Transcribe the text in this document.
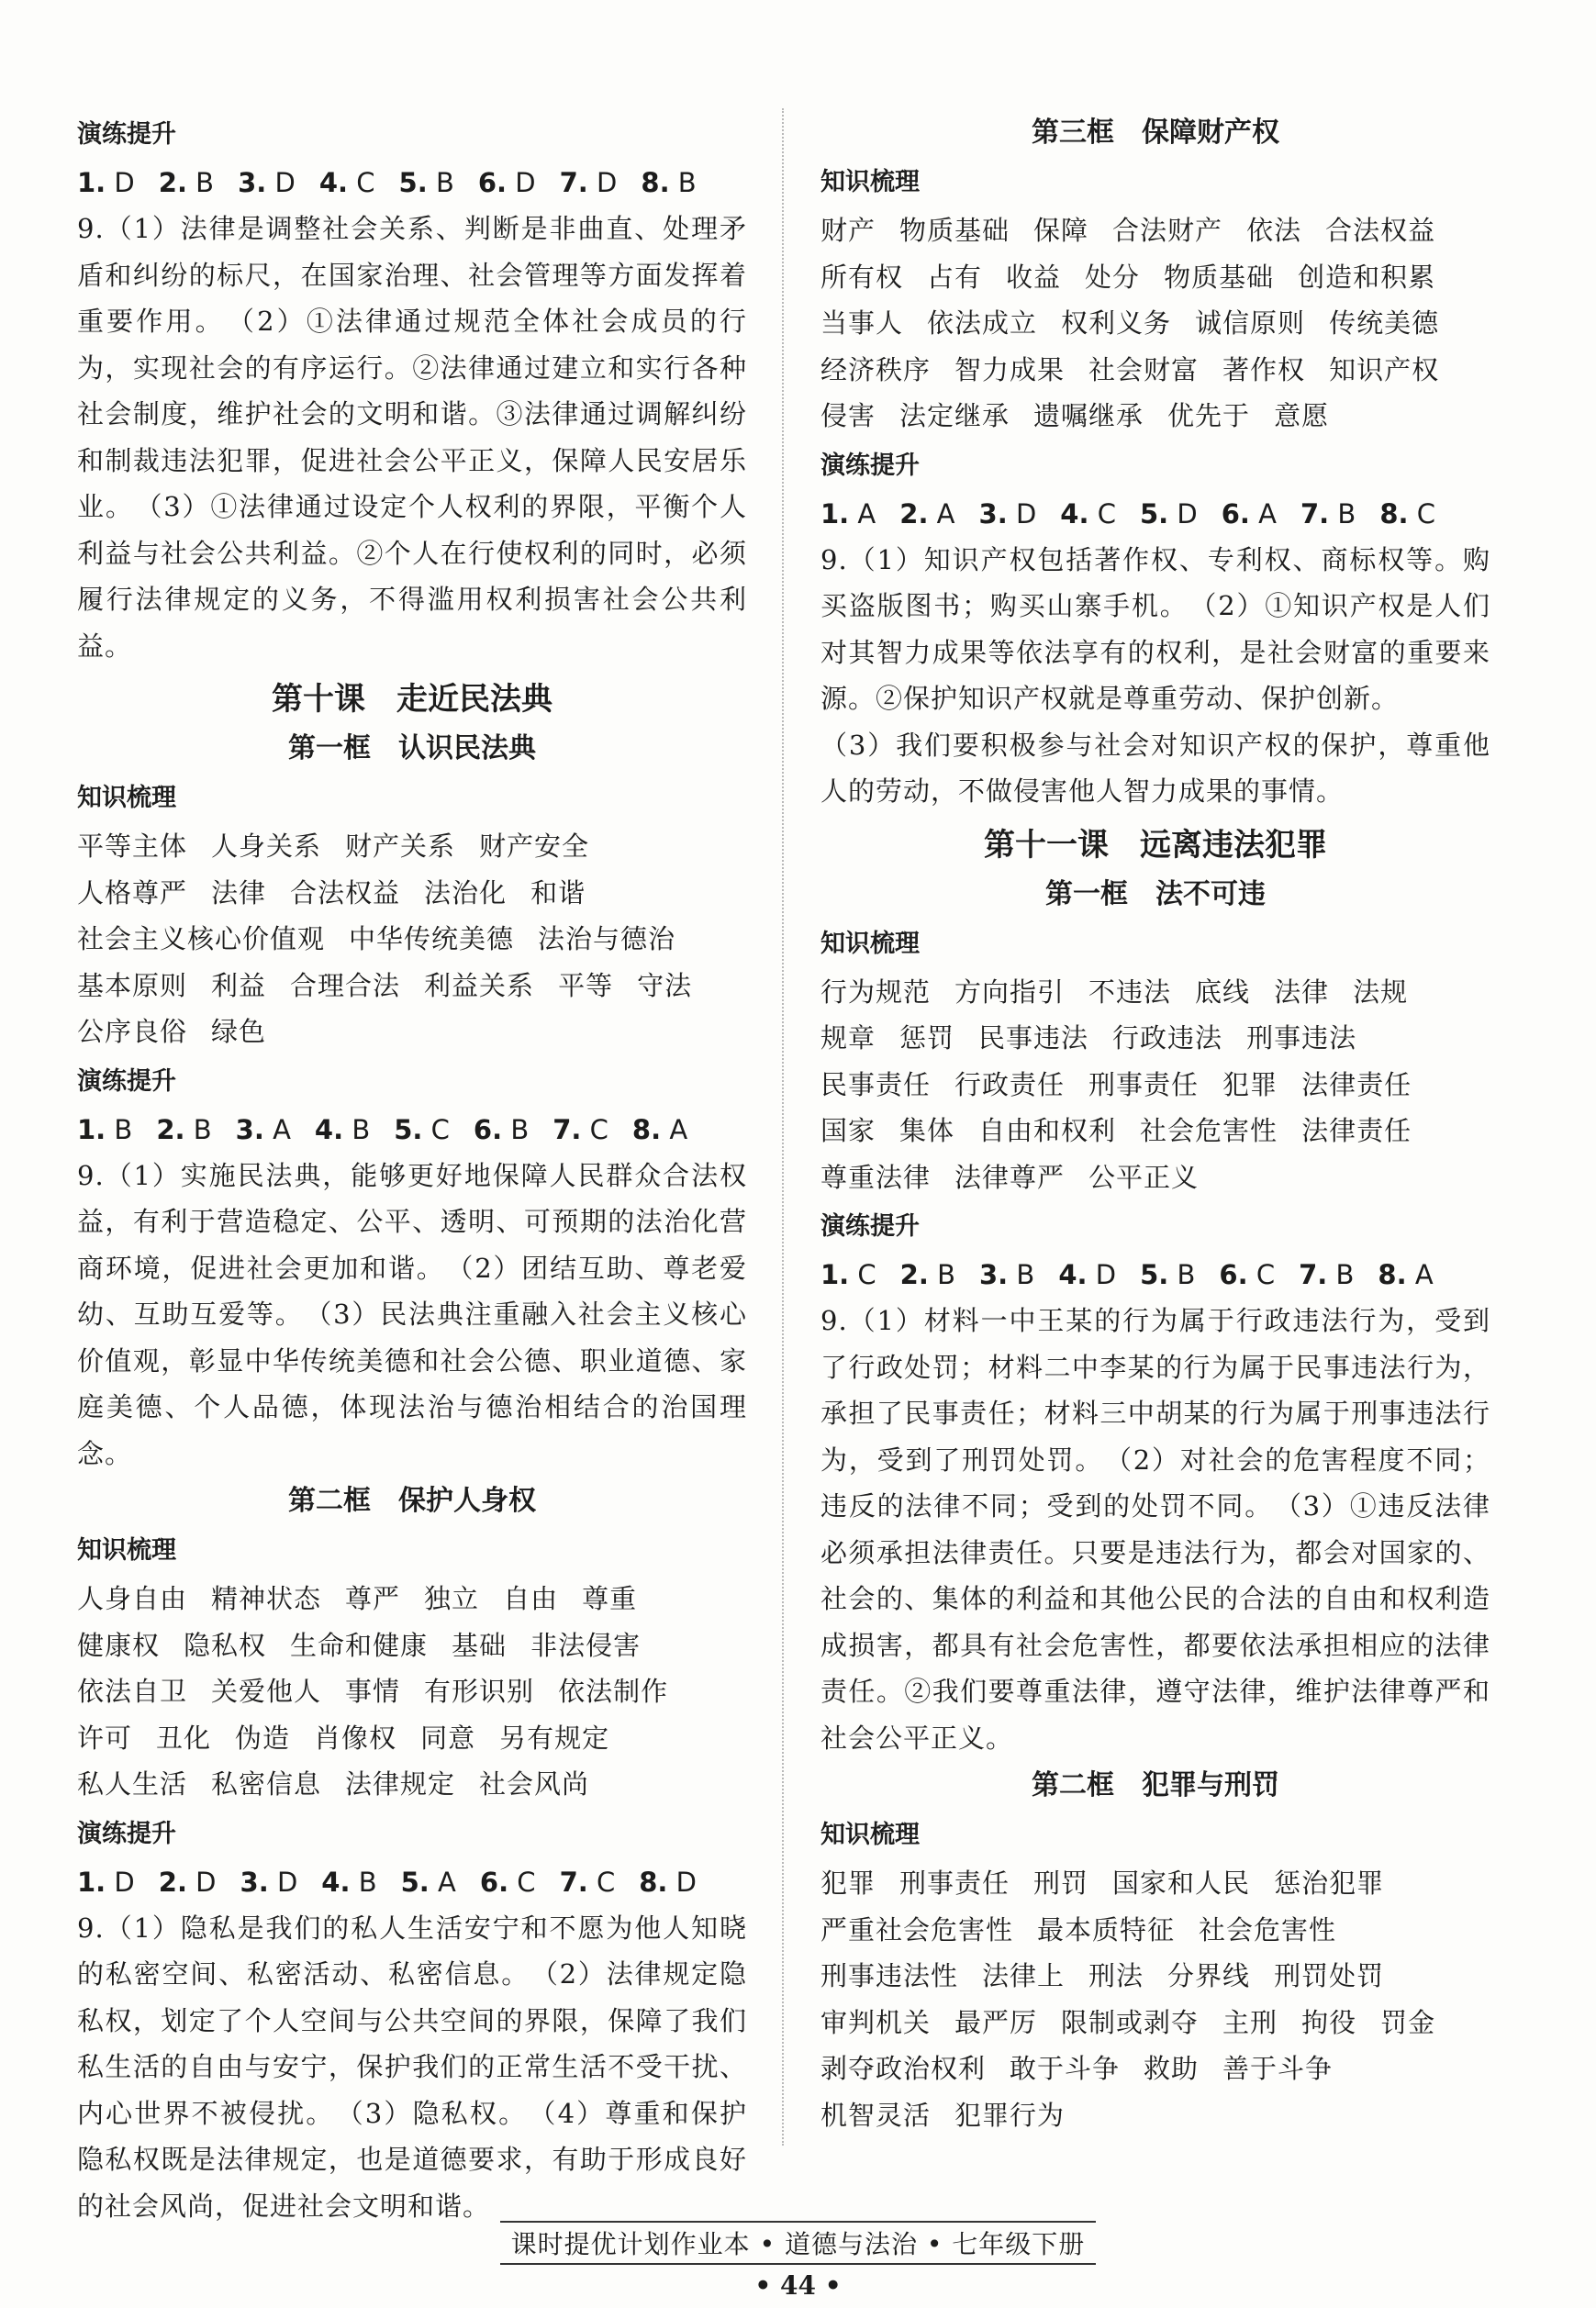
演练提升
1. D 2. B 3. D 4. C 5. B 6. D 7. D 8. B

9.（1）法律是调整社会关系、判断是非曲直、处理矛盾和纠纷的标尺，在国家治理、社会管理等方面发挥着重要作用。　（2）①法律通过规范全体社会成员的行为，实现社会的有序运行。②法律通过建立和实行各种社会制度，维护社会的文明和谐。③法律通过调解纠纷和制裁违法犯罪，促进社会公平正义，保障人民安居乐业。　（3）①法律通过设定个人权利的界限，平衡个人利益与社会公共利益。②个人在行使权利的同时，必须履行法律规定的义务，不得滥用权利损害社会公共利益。

第十课　走近民法典
第一框　认识民法典
知识梳理
平等主体 人身关系 财产关系 财产安全人格尊严 法律 合法权益 法治化 和谐社会主义核心价值观 中华传统美德 法治与德治基本原则 利益 合理合法 利益关系 平等 守法公序良俗 绿色
演练提升
1. B 2. B 3. A 4. B 5. C 6. B 7. C 8. A

9.（1）实施民法典，能够更好地保障人民群众合法权益，有利于营造稳定、公平、透明、可预期的法治化营商环境，促进社会更加和谐。　（2）团结互助、尊老爱幼、互助互爱等。　（3）民法典注重融入社会主义核心价值观，彰显中华传统美德和社会公德、职业道德、家庭美德、个人品德，体现法治与德治相结合的治国理念。

第二框　保护人身权
知识梳理
人身自由 精神状态 尊严 独立 自由 尊重健康权 隐私权 生命和健康 基础 非法侵害依法自卫 关爱他人 事情 有形识别 依法制作许可 丑化 伪造 肖像权 同意 另有规定私人生活 私密信息 法律规定 社会风尚
演练提升
1. D 2. D 3. D 4. B 5. A 6. C 7. C 8. D

9.（1）隐私是我们的私人生活安宁和不愿为他人知晓的私密空间、私密活动、私密信息。　（2）法律规定隐私权，划定了个人空间与公共空间的界限，保障了我们私生活的自由与安宁，保护我们的正常生活不受干扰、内心世界不被侵扰。　（3）隐私权。　（4）尊重和保护隐私权既是法律规定，也是道德要求，有助于形成良好的社会风尚，促进社会文明和谐。

第三框　保障财产权
知识梳理
财产 物质基础 保障 合法财产 依法 合法权益所有权 占有 收益 处分 物质基础 创造和积累当事人 依法成立 权利义务 诚信原则 传统美德经济秩序 智力成果 社会财富 著作权 知识产权侵害 法定继承 遗嘱继承 优先于 意愿
演练提升
1. A 2. A 3. D 4. C 5. D 6. A 7. B 8. C

9.（1）知识产权包括著作权、专利权、商标权等。购买盗版图书；购买山寨手机。　（2）①知识产权是人们对其智力成果等依法享有的权利，是社会财富的重要来源。②保护知识产权就是尊重劳动、保护创新。

（3）我们要积极参与社会对知识产权的保护，尊重他人的劳动，不做侵害他人智力成果的事情。

第十一课　远离违法犯罪
第一框　法不可违
知识梳理
行为规范 方向指引 不违法 底线 法律 法规规章 惩罚 民事违法 行政违法 刑事违法民事责任 行政责任 刑事责任 犯罪 法律责任国家 集体 自由和权利 社会危害性 法律责任尊重法律 法律尊严 公平正义
演练提升
1. C 2. B 3. B 4. D 5. B 6. C 7. B 8. A

9.（1）材料一中王某的行为属于行政违法行为，受到了行政处罚；材料二中李某的行为属于民事违法行为，承担了民事责任；材料三中胡某的行为属于刑事违法行为，受到了刑罚处罚。　（2）对社会的危害程度不同；违反的法律不同；受到的处罚不同。　（3）①违反法律必须承担法律责任。只要是违法行为，都会对国家的、社会的、集体的利益和其他公民的合法的自由和权利造成损害，都具有社会危害性，都要依法承担相应的法律责任。②我们要尊重法律，遵守法律，维护法律尊严和社会公平正义。

第二框　犯罪与刑罚
知识梳理
犯罪 刑事责任 刑罚 国家和人民 惩治犯罪严重社会危害性 最本质特征 社会危害性刑事违法性 法律上 刑法 分界线 刑罚处罚审判机关 最严厉 限制或剥夺 主刑 拘役 罚金剥夺政治权利 敢于斗争 救助 善于斗争机智灵活 犯罪行为
课时提优计划作业本 • 道德与法治 • 七年级下册
• 44 •
